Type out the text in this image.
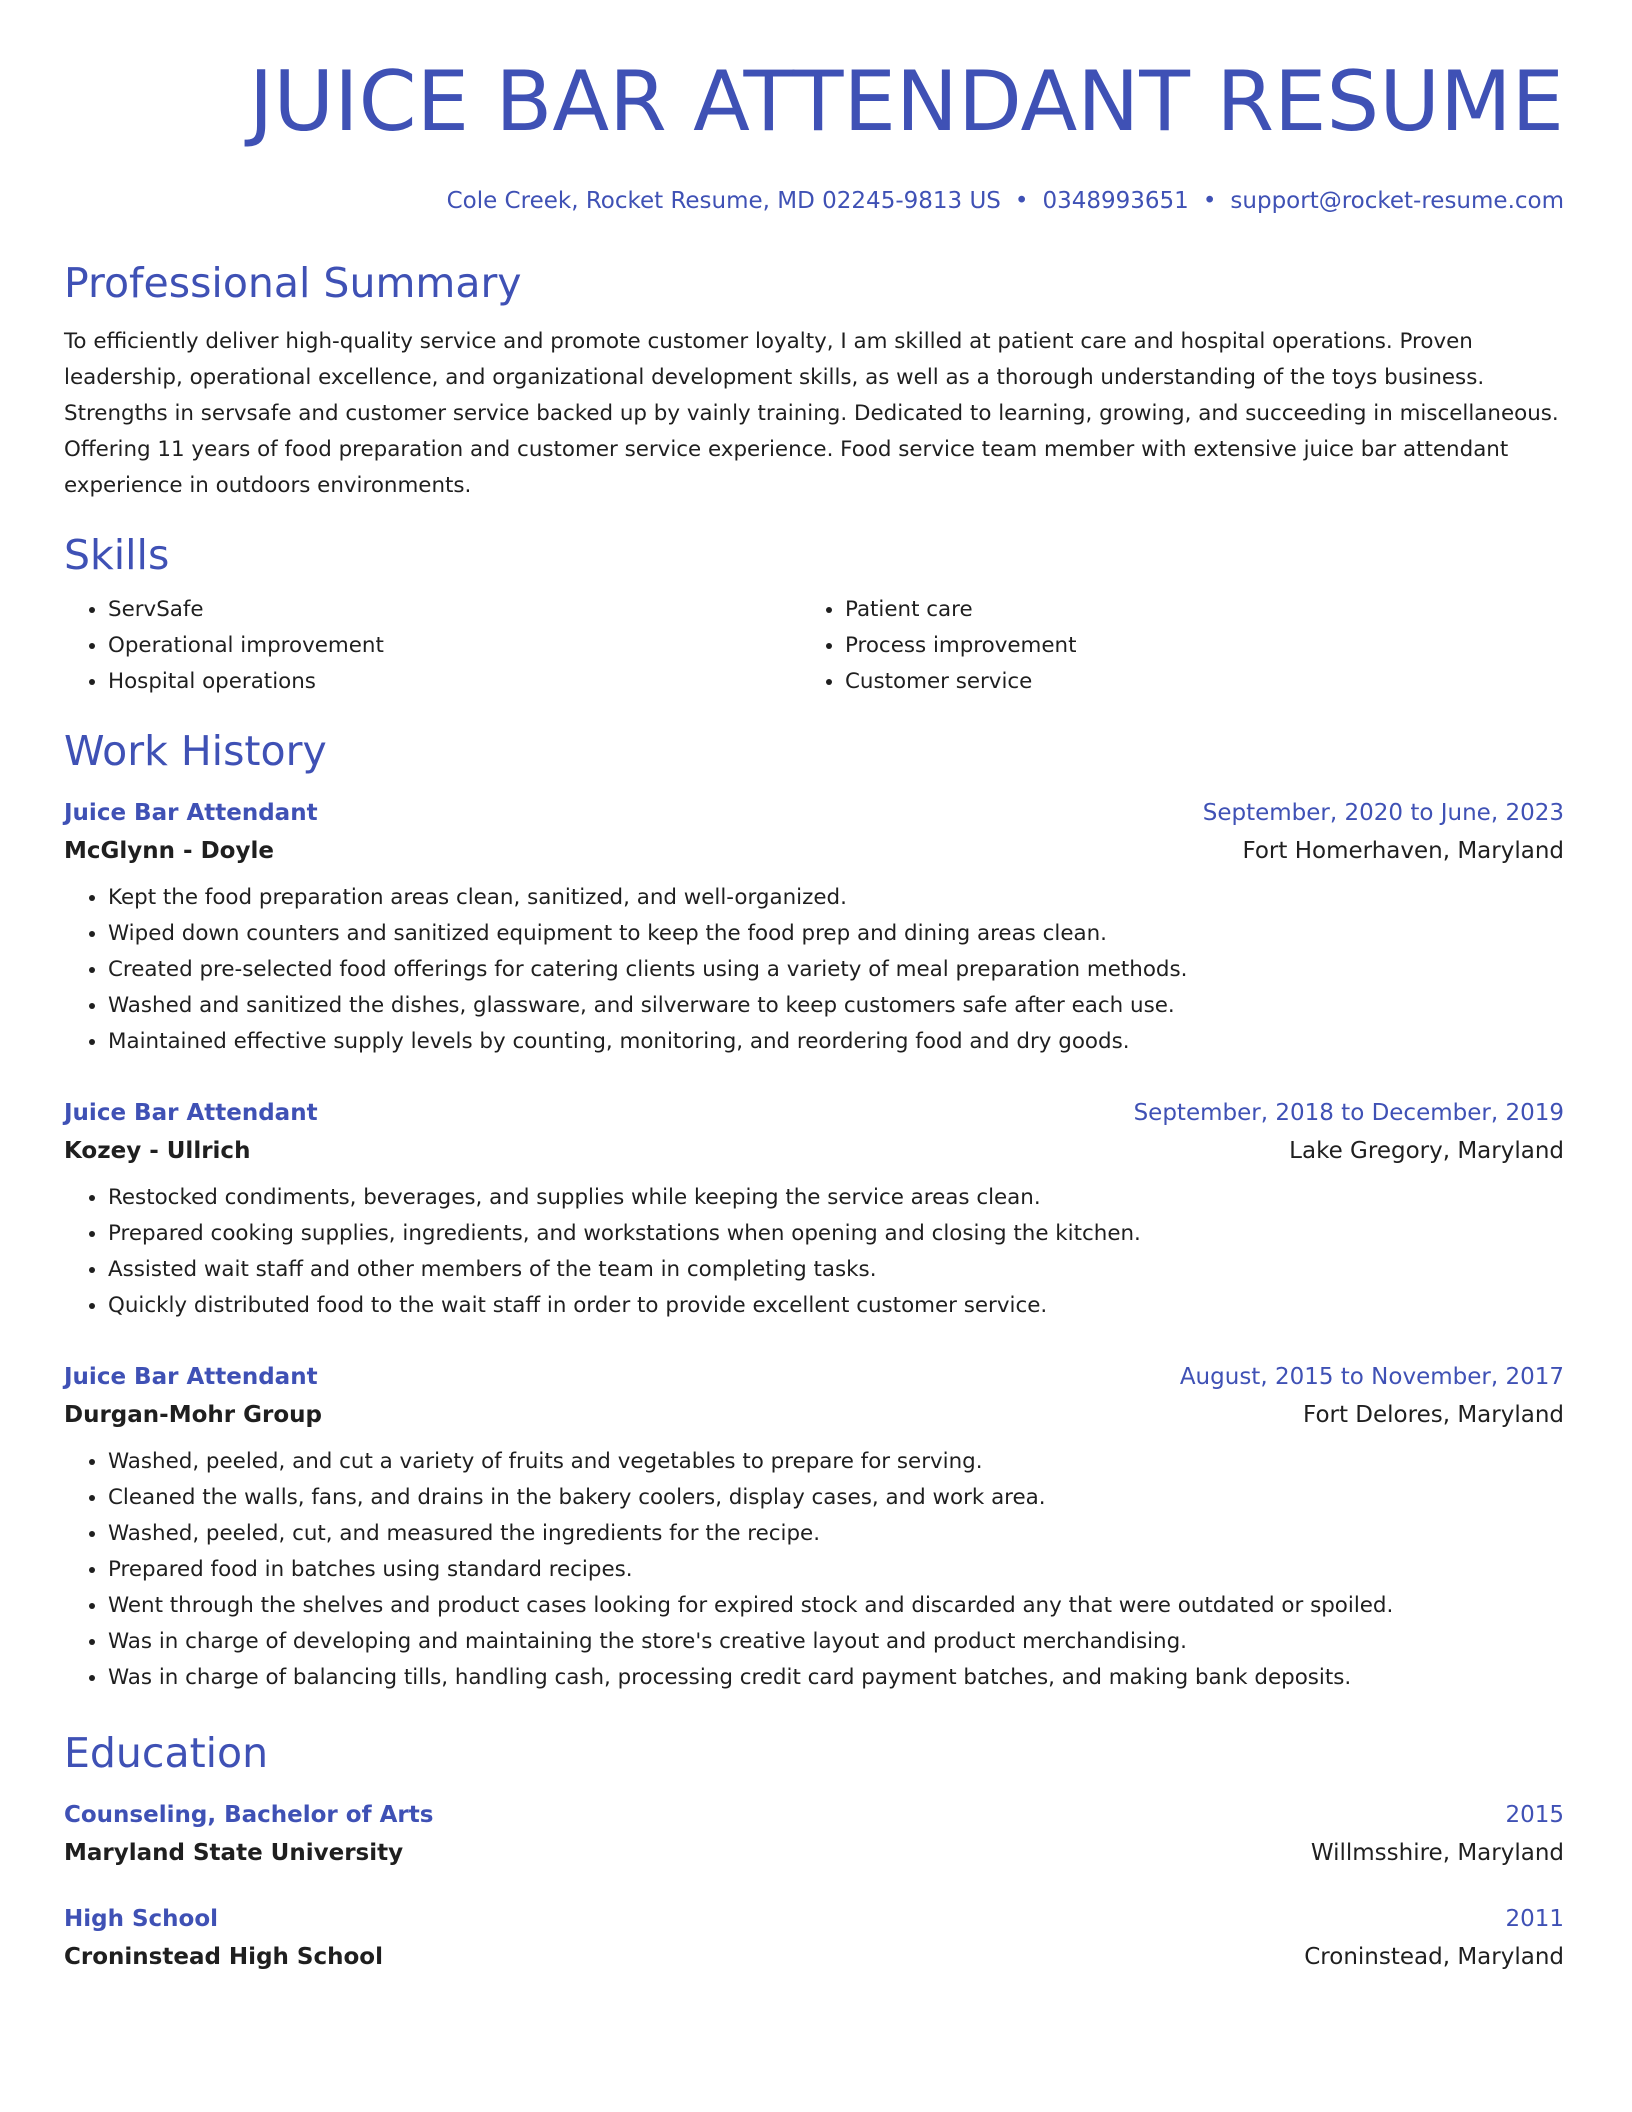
JUICE BAR ATTENDANT RESUME
Cole Creek, Rocket Resume, MD 02245-9813 US • 0348993651 • support@rocket-resume.com
Professional Summary

To efficiently deliver high-quality service and promote customer loyalty, I am skilled at patient care and hospital operations. Proven leadership, operational excellence, and organizational development skills, as well as a thorough understanding of the toys business. Strengths in servsafe and customer service backed up by vainly training. Dedicated to learning, growing, and succeeding in miscellaneous. Offering 11 years of food preparation and customer service experience. Food service team member with extensive juice bar attendant experience in outdoors environments.

Skills
• ServSafe
• Operational improvement
• Hospital operations
• Patient care
• Process improvement
• Customer service
Work History
Juice Bar Attendant	September, 2020 to June, 2023
McGlynn - Doyle	Fort Homerhaven, Maryland
• Kept the food preparation areas clean, sanitized, and well-organized.
• Wiped down counters and sanitized equipment to keep the food prep and dining areas clean.
• Created pre-selected food offerings for catering clients using a variety of meal preparation methods.
• Washed and sanitized the dishes, glassware, and silverware to keep customers safe after each use.
• Maintained effective supply levels by counting, monitoring, and reordering food and dry goods.
Juice Bar Attendant	September, 2018 to December, 2019
Kozey - Ullrich	Lake Gregory, Maryland
• Restocked condiments, beverages, and supplies while keeping the service areas clean.
• Prepared cooking supplies, ingredients, and workstations when opening and closing the kitchen.
• Assisted wait staff and other members of the team in completing tasks.
• Quickly distributed food to the wait staff in order to provide excellent customer service.
Juice Bar Attendant	August, 2015 to November, 2017
Durgan-Mohr Group	Fort Delores, Maryland
• Washed, peeled, and cut a variety of fruits and vegetables to prepare for serving.
• Cleaned the walls, fans, and drains in the bakery coolers, display cases, and work area.
• Washed, peeled, cut, and measured the ingredients for the recipe.
• Prepared food in batches using standard recipes.
• Went through the shelves and product cases looking for expired stock and discarded any that were outdated or spoiled.
• Was in charge of developing and maintaining the store's creative layout and product merchandising.
• Was in charge of balancing tills, handling cash, processing credit card payment batches, and making bank deposits.
Education
Counseling, Bachelor of Arts	2015
Maryland State University	Willmsshire, Maryland
High School	2011
Croninstead High School	Croninstead, Maryland
